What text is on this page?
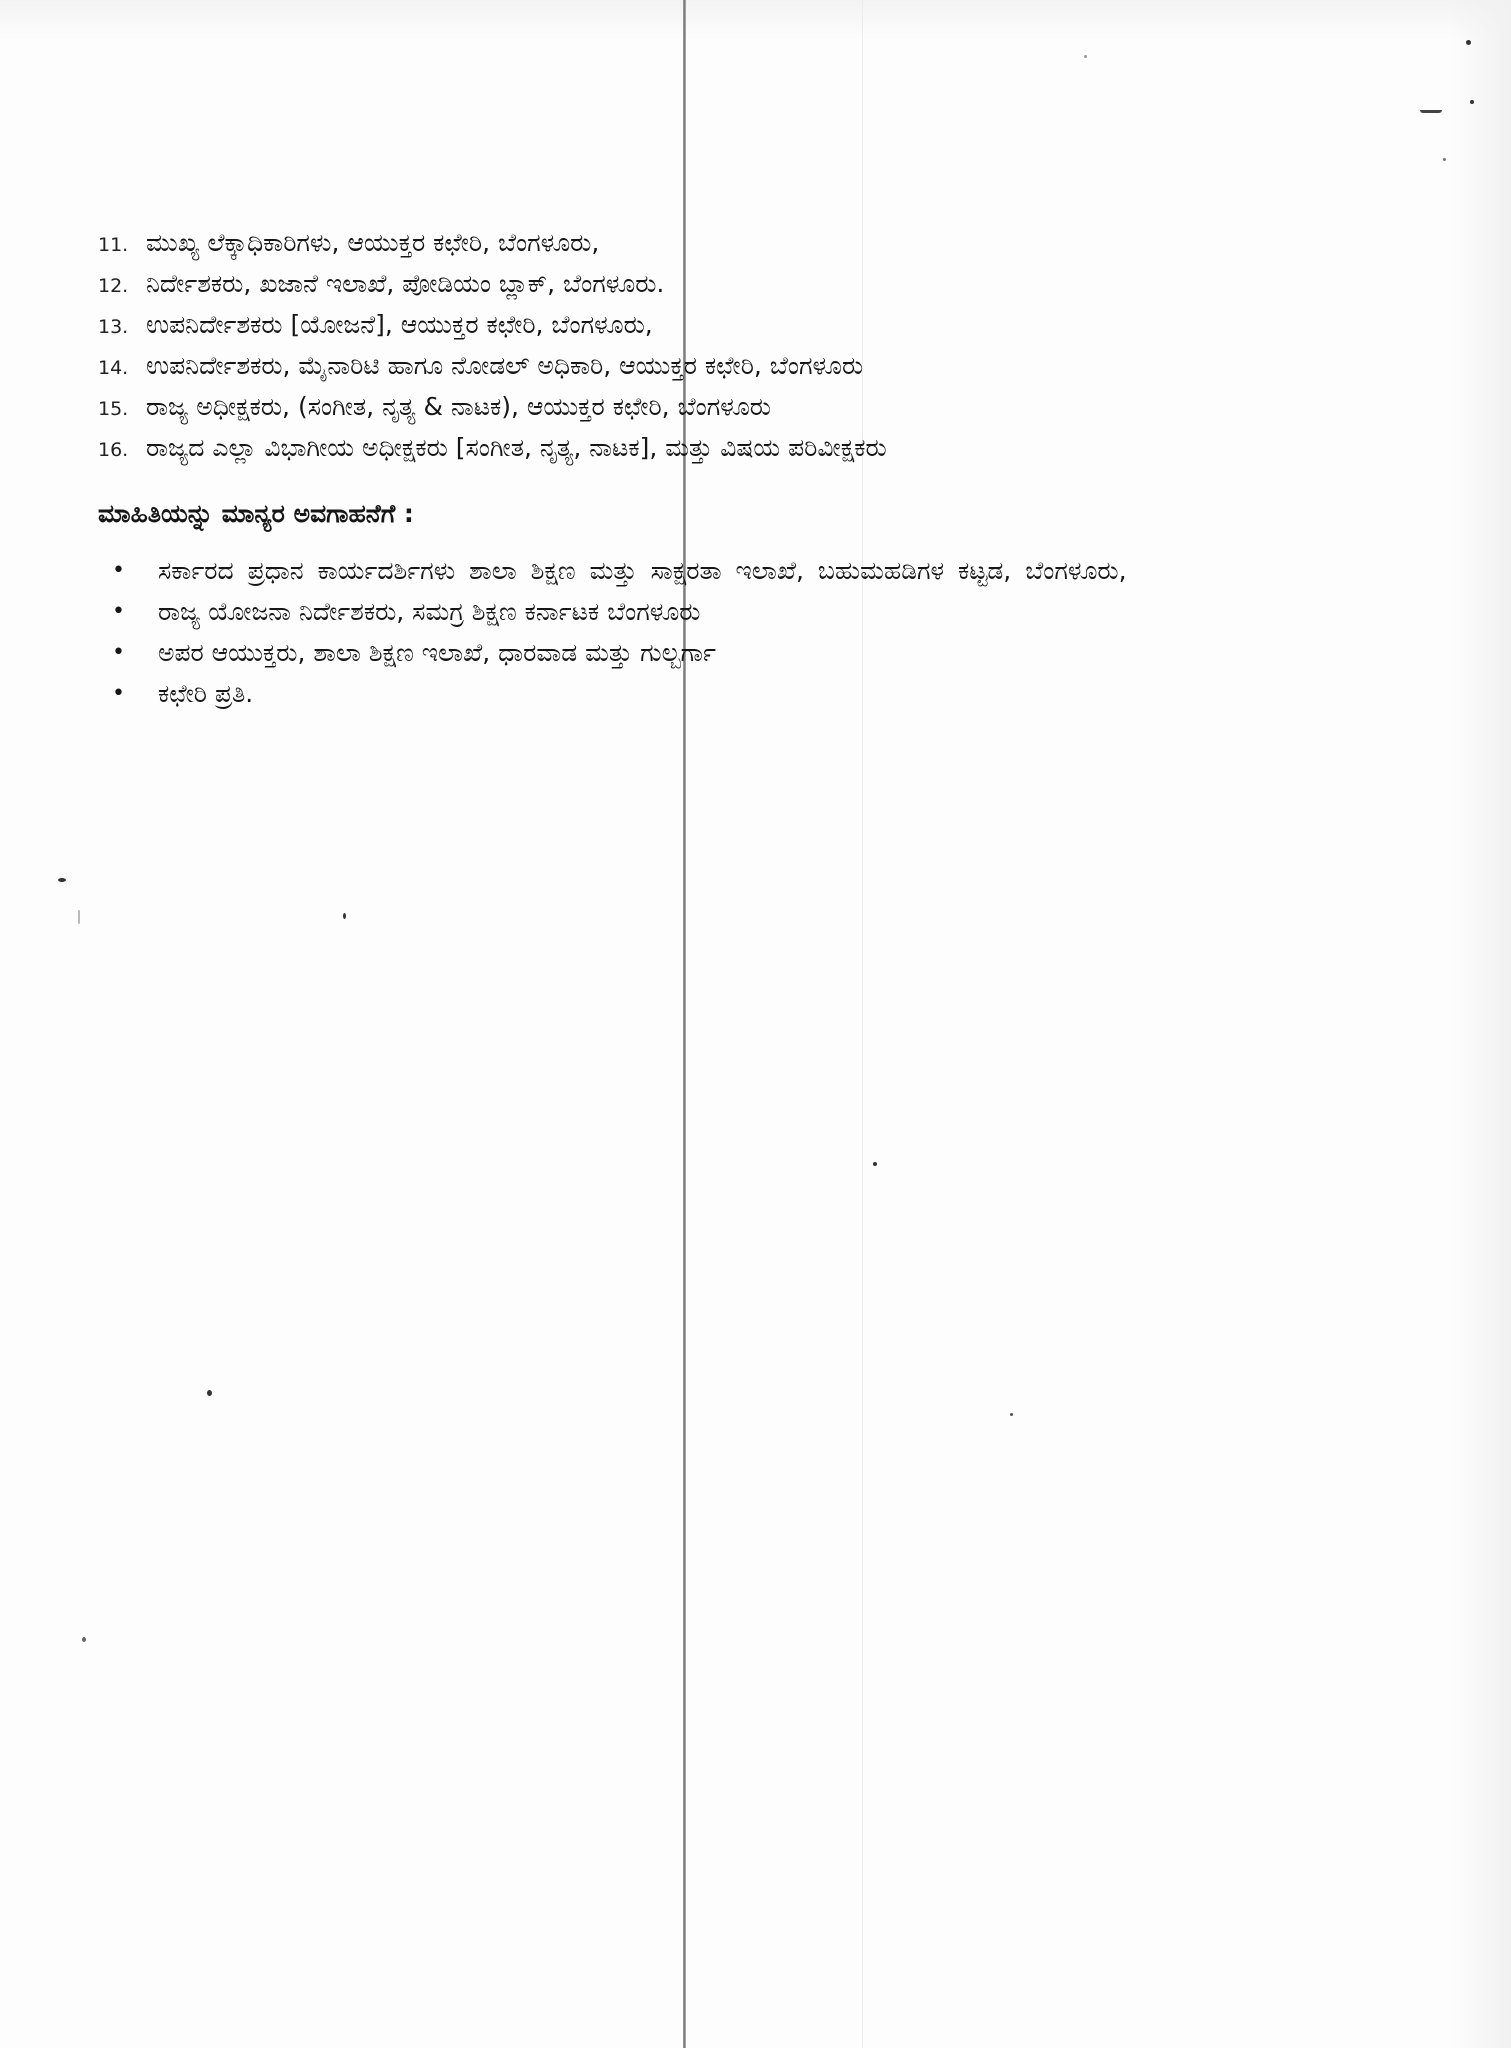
11. ಮುಖ್ಯ ಲೆಕ್ಕಾಧಿಕಾರಿಗಳು, ಆಯುಕ್ತರ ಕಛೇರಿ, ಬೆಂಗಳೂರು,
12. ನಿರ್ದೇಶಕರು, ಖಜಾನೆ ಇಲಾಖೆ, ಪೋಡಿಯಂ ಬ್ಲಾಕ್, ಬೆಂಗಳೂರು.
13. ಉಪನಿರ್ದೇಶಕರು [ಯೋಜನೆ], ಆಯುಕ್ತರ ಕಛೇರಿ, ಬೆಂಗಳೂರು,
14. ಉಪನಿರ್ದೇಶಕರು, ಮೈನಾರಿಟಿ ಹಾಗೂ ನೋಡಲ್ ಅಧಿಕಾರಿ, ಆಯುಕ್ತರ ಕಛೇರಿ, ಬೆಂಗಳೂರು
15. ರಾಜ್ಯ ಅಧೀಕ್ಷಕರು, (ಸಂಗೀತ, ನೃತ್ಯ & ನಾಟಕ), ಆಯುಕ್ತರ ಕಛೇರಿ, ಬೆಂಗಳೂರು
16. ರಾಜ್ಯದ ಎಲ್ಲಾ ವಿಭಾಗೀಯ ಅಧೀಕ್ಷಕರು [ಸಂಗೀತ, ನೃತ್ಯ, ನಾಟಕ], ಮತ್ತು ವಿಷಯ ಪರಿವೀಕ್ಷಕರು
ಮಾಹಿತಿಯನ್ನು ಮಾನ್ಯರ ಅವಗಾಹನೆಗೆ :
• ಸರ್ಕಾರದ ಪ್ರಧಾನ ಕಾರ್ಯದರ್ಶಿಗಳು ಶಾಲಾ ಶಿಕ್ಷಣ ಮತ್ತು ಸಾಕ್ಷರತಾ ಇಲಾಖೆ, ಬಹುಮಹಡಿಗಳ ಕಟ್ಟಡ, ಬೆಂಗಳೂರು,
• ರಾಜ್ಯ ಯೋಜನಾ ನಿರ್ದೇಶಕರು, ಸಮಗ್ರ ಶಿಕ್ಷಣ ಕರ್ನಾಟಕ ಬೆಂಗಳೂರು
• ಅಪರ ಆಯುಕ್ತರು, ಶಾಲಾ ಶಿಕ್ಷಣ ಇಲಾಖೆ, ಧಾರವಾಡ ಮತ್ತು ಗುಲ್ಬರ್ಗಾ
• ಕಛೇರಿ ಪ್ರತಿ.
